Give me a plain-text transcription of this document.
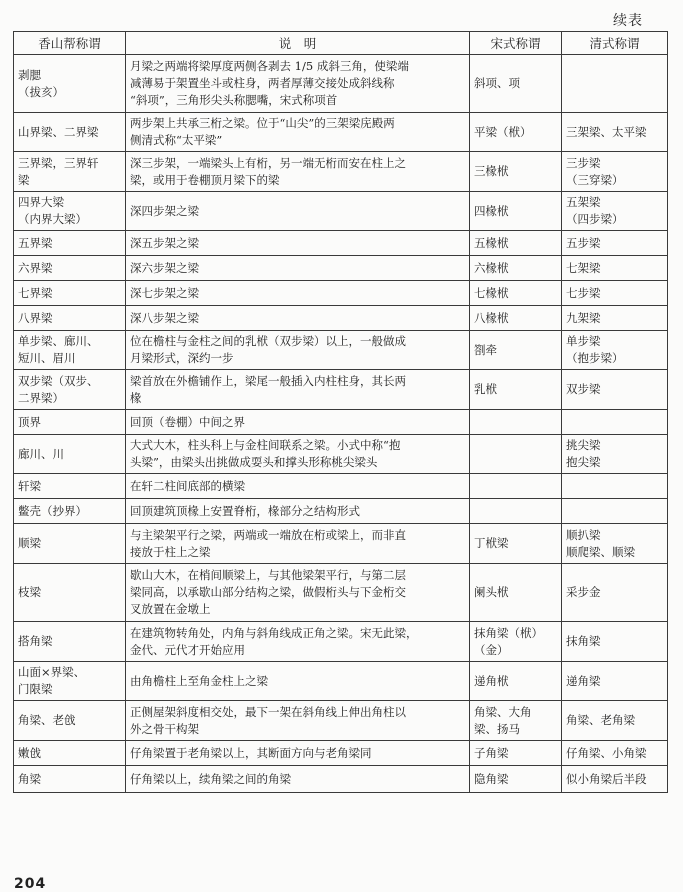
续表
香山帮称谓	说　明	宋式称谓	清式称谓

剥腮
（拔亥）	月梁之两端将梁厚度两侧各剥去 1/5 成斜三角，使梁端
减薄易于架置坐斗或柱身，两者厚薄交接处成斜线称
“斜项”，三角形尖头称腮嘴，宋式称项首	斜项、项	

山界梁、二界梁	两步架上共承三桁之梁。位于“山尖”的三架梁庑殿两
侧清式称“太平梁”	平梁（栿）	三架梁、太平梁

三界梁，三界轩
梁	深三步架，一端梁头上有桁，另一端无桁而安在柱上之
梁，或用于卷棚顶月梁下的梁	三椽栿	三步梁
（三穿梁）

四界大梁
（内界大梁）	深四步架之梁	四椽栿	五架梁
（四步梁）

五界梁	深五步架之梁	五椽栿	五步梁

六界梁	深六步架之梁	六椽栿	七架梁

七界梁	深七步架之梁	七椽栿	七步梁

八界梁	深八步架之梁	八椽栿	九架梁

单步梁、廊川、
短川、眉川	位在檐柱与金柱之间的乳栿（双步梁）以上，一般做成
月梁形式，深约一步	劄牵	单步梁
（抱步梁）

双步梁（双步、
二界梁）	梁首放在外檐铺作上，梁尾一般插入内柱柱身，其长两
椽	乳栿	双步梁

顶界	回顶（卷棚）中间之界		

廊川、川	大式大木，柱头科上与金柱间联系之梁。小式中称“抱
头梁”，由梁头出挑做成耍头和撑头形称桃尖梁头		挑尖梁
抱尖梁

轩梁	在轩二柱间底部的横梁		

鳖壳（抄界）	回顶建筑顶椽上安置脊桁，椽部分之结构形式		

顺梁	与主梁架平行之梁，两端或一端放在桁或梁上，而非直
接放于柱上之梁	丁栿梁	顺扒梁
顺爬梁、顺梁

枝梁	歇山大木，在梢间顺梁上，与其他梁架平行，与第二层
梁同高，以承歇山部分结构之梁，做假桁头与下金桁交
叉放置在金墩上	阑头栿	采步金

搭角梁	在建筑物转角处，内角与斜角线成正角之梁。宋无此梁，
金代、元代才开始应用	抹角梁（栿）
（金）	抹角梁

山面×界梁、
门限梁	由角檐柱上至角金柱上之梁	递角栿	递角梁

角梁、老戗	正侧屋架斜度相交处，最下一架在斜角线上伸出角柱以
外之骨干构架	角梁、大角
梁、扬马	角梁、老角梁

嫩戗	仔角梁置于老角梁以上，其断面方向与老角梁同	子角梁	仔角梁、小角梁

角梁	仔角梁以上，续角梁之间的角梁	隐角梁	似小角梁后半段
204
